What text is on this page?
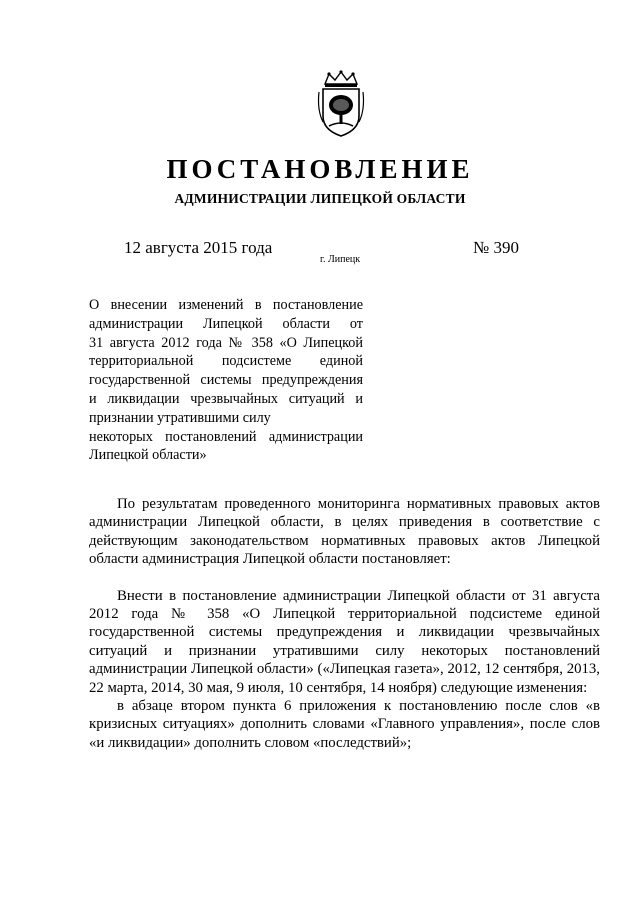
ПОСТАНОВЛЕНИЕ
АДМИНИСТРАЦИИ ЛИПЕЦКОЙ ОБЛАСТИ
12 августа 2015 года
г. Липецк
№ 390
О внесении изменений в постановление
администрации Липецкой области от
31 августа 2012 года № 358 «О Липецкой
территориальной подсистеме единой
государственной системы предупреждения
и ликвидации чрезвычайных ситуаций и
признании утратившими силу
некоторых постановлений администрации
Липецкой области»

По результатам проведенного мониторинга нормативных правовых актов администрации Липецкой области, в целях приведения в соответствие с действующим законодательством нормативных правовых актов Липецкой области администрация Липецкой области постановляет:

Внести в постановление администрации Липецкой области от 31 августа 2012 года № 358 «О Липецкой территориальной подсистеме единой государственной системы предупреждения и ликвидации чрезвычайных ситуаций и признании утратившими силу некоторых постановлений администрации Липецкой области» («Липецкая газета», 2012, 12 сентября, 2013, 22 марта, 2014, 30 мая, 9 июля, 10 сентября, 14 ноября) следующие изменения:

в абзаце втором пункта 6 приложения к постановлению после слов «в кризисных ситуациях» дополнить словами «Главного управления», после слов «и ликвидации» дополнить словом «последствий»;
